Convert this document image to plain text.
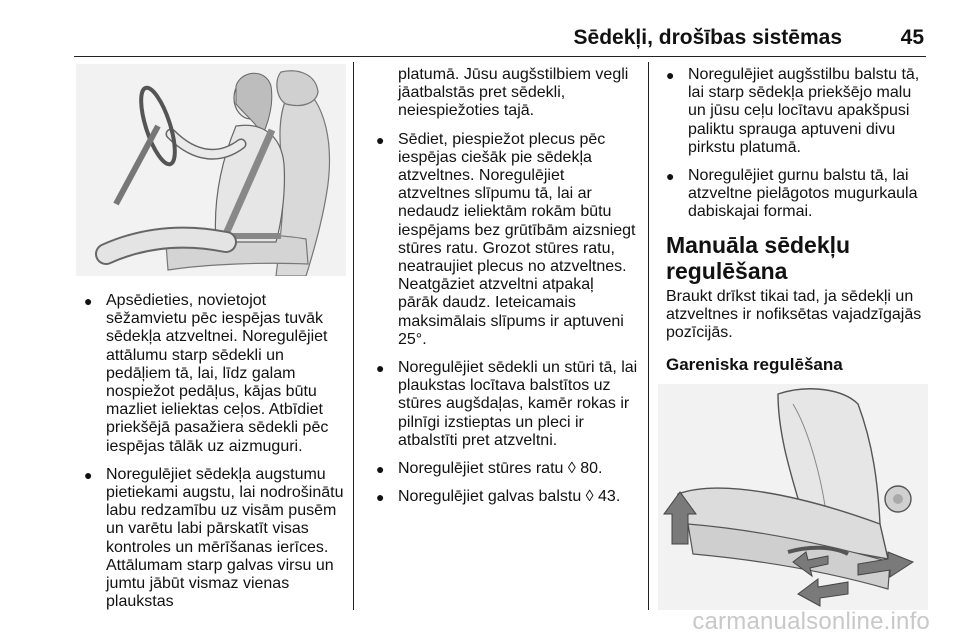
Sēdekļi, drošības sistēmas	45
● Apsēdieties, novietojot sēžamvietu pēc iespējas tuvāk sēdekļa atzveltnei. Noregulējiet attālumu starp sēdekli un pedāļiem tā, lai, līdz galam nospiežot pedāļus, kājas būtu mazliet ieliektas ceļos. Atbīdiet priekšējā pasažiera sēdekli pēc iespējas tālāk uz aizmuguri.
● Noregulējiet sēdekļa augstumu pietiekami augstu, lai nodrošinātu labu redzamību uz visām pusēm un varētu labi pārskatīt visas kontroles un mērīšanas ierīces. Attālumam starp galvas virsu un jumtu jābūt vismaz vienas plaukstas
platumā. Jūsu augšstilbiem vegli jāatbalstās pret sēdekli, neiespiežoties tajā.
● Sēdiet, piespiežot plecus pēc iespējas ciešāk pie sēdekļa atzveltnes. Noregulējiet atzveltnes slīpumu tā, lai ar nedaudz ieliektām rokām būtu iespējams bez grūtībām aizsniegt stūres ratu. Grozot stūres ratu, neatraujiet plecus no atzveltnes. Neatgāziet atzveltni atpakaļ pārāk daudz. Ieteicamais maksimālais slīpums ir aptuveni 25°.
● Noregulējiet sēdekli un stūri tā, lai plaukstas locītava balstītos uz stūres augšdaļas, kamēr rokas ir pilnīgi izstieptas un pleci ir atbalstīti pret atzveltni.
● Noregulējiet stūres ratu ◊ 80.
● Noregulējiet galvas balstu ◊ 43.
● Noregulējiet augšstilbu balstu tā, lai starp sēdekļa priekšējo malu un jūsu ceļu locītavu apakšpusi paliktu sprauga aptuveni divu pirkstu platumā.
● Noregulējiet gurnu balstu tā, lai atzveltne pielāgotos mugurkaula dabiskajai formai.
Manuāla sēdekļu regulēšana
Braukt drīkst tikai tad, ja sēdekļi un atzveltnes ir nofiksētas vajadzīgajās pozīcijās.
Gareniska regulēšana
carmanualsonline.info
